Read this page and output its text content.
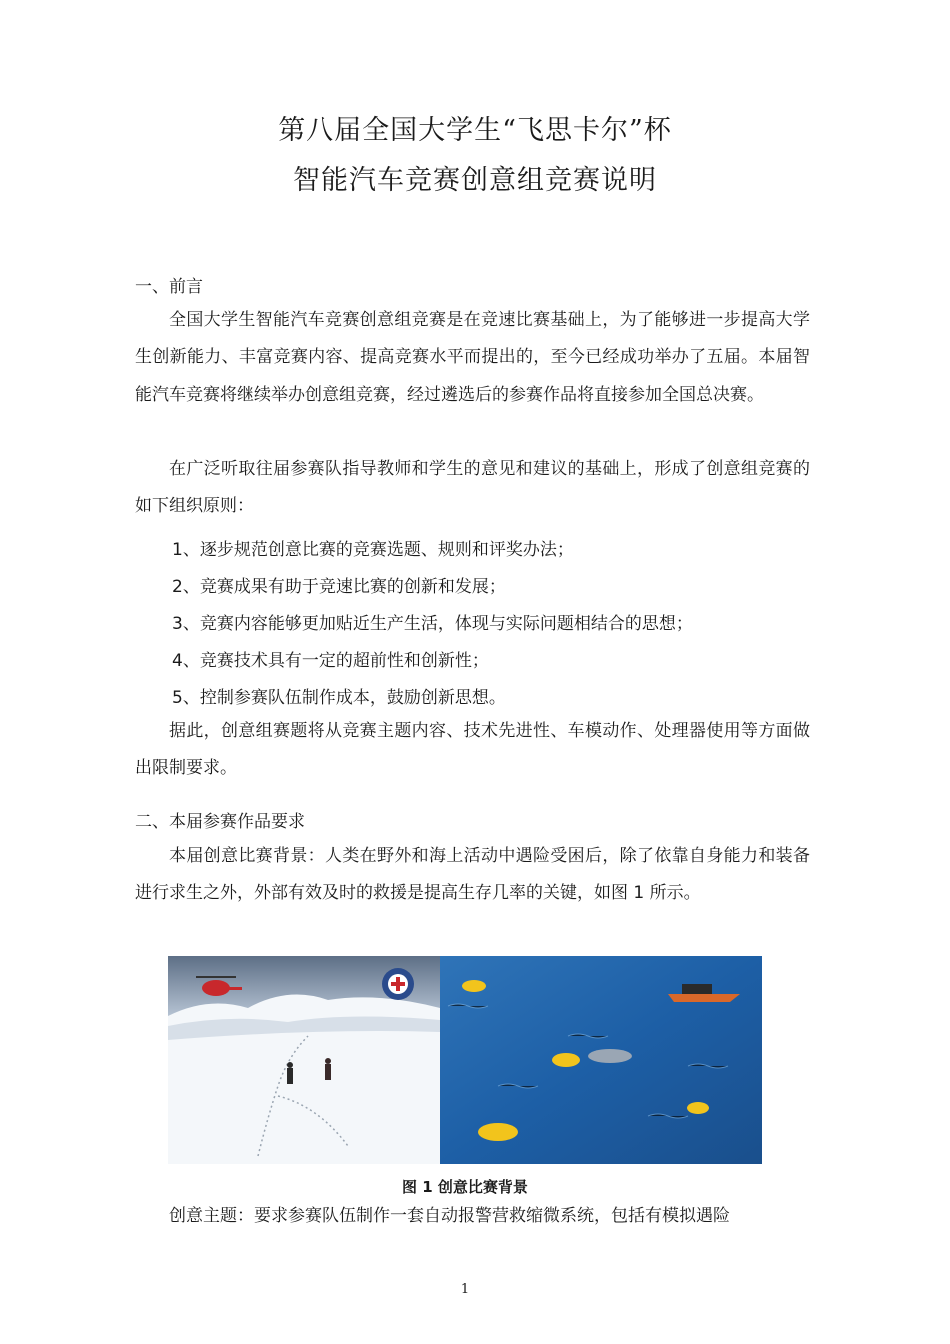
第八届全国大学生“飞思卡尔”杯
智能汽车竞赛创意组竞赛说明
一、前言
全国大学生智能汽车竞赛创意组竞赛是在竞速比赛基础上，为了能够进一步提高大学生创新能力、丰富竞赛内容、提高竞赛水平而提出的，至今已经成功举办了五届。本届智能汽车竞赛将继续举办创意组竞赛，经过遴选后的参赛作品将直接参加全国总决赛。
在广泛听取往届参赛队指导教师和学生的意见和建议的基础上，形成了创意组竞赛的如下组织原则：
1、逐步规范创意比赛的竞赛选题、规则和评奖办法；
2、竞赛成果有助于竞速比赛的创新和发展；
3、竞赛内容能够更加贴近生产生活，体现与实际问题相结合的思想；
4、竞赛技术具有一定的超前性和创新性；
5、控制参赛队伍制作成本，鼓励创新思想。
据此，创意组赛题将从竞赛主题内容、技术先进性、车模动作、处理器使用等方面做出限制要求。
二、本届参赛作品要求
本届创意比赛背景：人类在野外和海上活动中遇险受困后，除了依靠自身能力和装备进行求生之外，外部有效及时的救援是提高生存几率的关键，如图 1 所示。
图 1 创意比赛背景
创意主题：要求参赛队伍制作一套自动报警营救缩微系统，包括有模拟遇险
1
